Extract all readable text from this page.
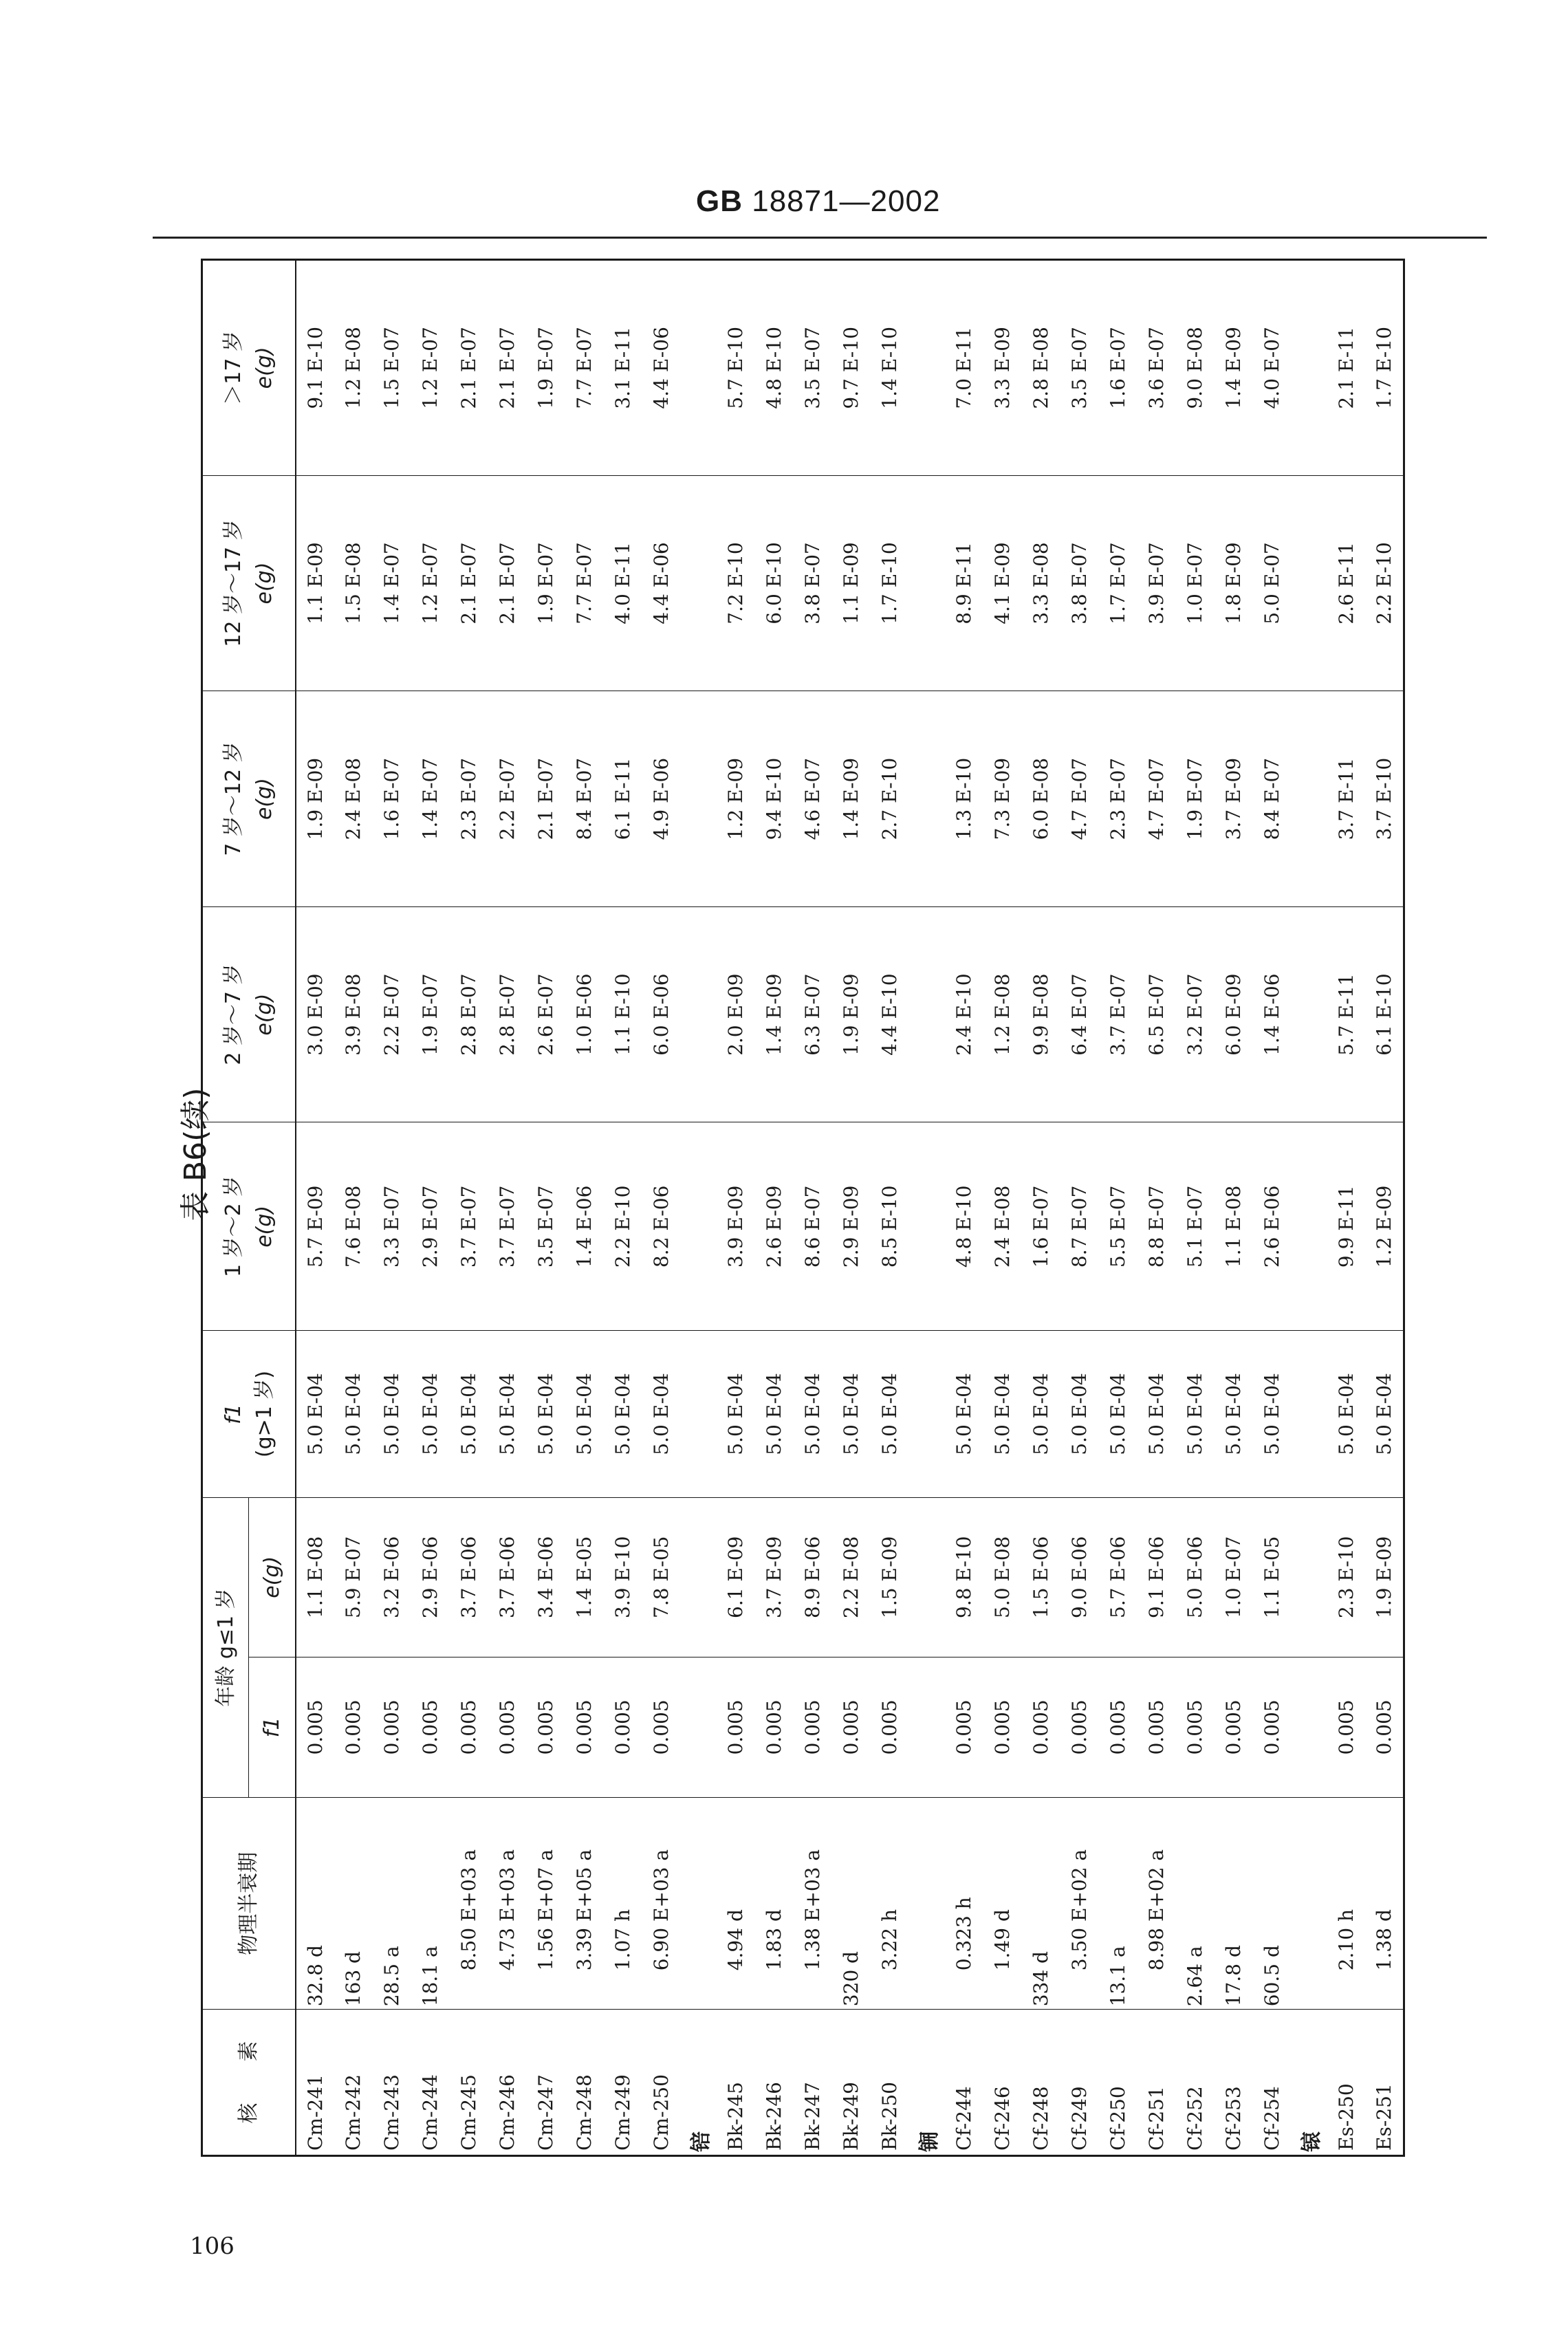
GB 18871—2002
表 B6(续)
核　　素	物理半衰期	年龄 g≤1 岁		f1 (g>1 岁)	1 岁～2 岁 e(g)	2 岁～7 岁 e(g)	7 岁～12 岁 e(g)	12 岁～17 岁 e(g)	＞17 岁 e(g)
		f1	e(g)						
Cm-241	32.8 d	0.005	1.1 E-08	5.0 E-04	5.7 E-09	3.0 E-09	1.9 E-09	1.1 E-09	9.1 E-10
Cm-242	163 d	0.005	5.9 E-07	5.0 E-04	7.6 E-08	3.9 E-08	2.4 E-08	1.5 E-08	1.2 E-08
Cm-243	28.5 a	0.005	3.2 E-06	5.0 E-04	3.3 E-07	2.2 E-07	1.6 E-07	1.4 E-07	1.5 E-07
Cm-244	18.1 a	0.005	2.9 E-06	5.0 E-04	2.9 E-07	1.9 E-07	1.4 E-07	1.2 E-07	1.2 E-07
Cm-245	8.50 E+03 a	0.005	3.7 E-06	5.0 E-04	3.7 E-07	2.8 E-07	2.3 E-07	2.1 E-07	2.1 E-07
Cm-246	4.73 E+03 a	0.005	3.7 E-06	5.0 E-04	3.7 E-07	2.8 E-07	2.2 E-07	2.1 E-07	2.1 E-07
Cm-247	1.56 E+07 a	0.005	3.4 E-06	5.0 E-04	3.5 E-07	2.6 E-07	2.1 E-07	1.9 E-07	1.9 E-07
Cm-248	3.39 E+05 a	0.005	1.4 E-05	5.0 E-04	1.4 E-06	1.0 E-06	8.4 E-07	7.7 E-07	7.7 E-07
Cm-249	1.07 h	0.005	3.9 E-10	5.0 E-04	2.2 E-10	1.1 E-10	6.1 E-11	4.0 E-11	3.1 E-11
Cm-250	6.90 E+03 a	0.005	7.8 E-05	5.0 E-04	8.2 E-06	6.0 E-06	4.9 E-06	4.4 E-06	4.4 E-06
锫									
Bk-245	4.94 d	0.005	6.1 E-09	5.0 E-04	3.9 E-09	2.0 E-09	1.2 E-09	7.2 E-10	5.7 E-10
Bk-246	1.83 d	0.005	3.7 E-09	5.0 E-04	2.6 E-09	1.4 E-09	9.4 E-10	6.0 E-10	4.8 E-10
Bk-247	1.38 E+03 a	0.005	8.9 E-06	5.0 E-04	8.6 E-07	6.3 E-07	4.6 E-07	3.8 E-07	3.5 E-07
Bk-249	320 d	0.005	2.2 E-08	5.0 E-04	2.9 E-09	1.9 E-09	1.4 E-09	1.1 E-09	9.7 E-10
Bk-250	3.22 h	0.005	1.5 E-09	5.0 E-04	8.5 E-10	4.4 E-10	2.7 E-10	1.7 E-10	1.4 E-10
锎									
Cf-244	0.323 h	0.005	9.8 E-10	5.0 E-04	4.8 E-10	2.4 E-10	1.3 E-10	8.9 E-11	7.0 E-11
Cf-246	1.49 d	0.005	5.0 E-08	5.0 E-04	2.4 E-08	1.2 E-08	7.3 E-09	4.1 E-09	3.3 E-09
Cf-248	334 d	0.005	1.5 E-06	5.0 E-04	1.6 E-07	9.9 E-08	6.0 E-08	3.3 E-08	2.8 E-08
Cf-249	3.50 E+02 a	0.005	9.0 E-06	5.0 E-04	8.7 E-07	6.4 E-07	4.7 E-07	3.8 E-07	3.5 E-07
Cf-250	13.1 a	0.005	5.7 E-06	5.0 E-04	5.5 E-07	3.7 E-07	2.3 E-07	1.7 E-07	1.6 E-07
Cf-251	8.98 E+02 a	0.005	9.1 E-06	5.0 E-04	8.8 E-07	6.5 E-07	4.7 E-07	3.9 E-07	3.6 E-07
Cf-252	2.64 a	0.005	5.0 E-06	5.0 E-04	5.1 E-07	3.2 E-07	1.9 E-07	1.0 E-07	9.0 E-08
Cf-253	17.8 d	0.005	1.0 E-07	5.0 E-04	1.1 E-08	6.0 E-09	3.7 E-09	1.8 E-09	1.4 E-09
Cf-254	60.5 d	0.005	1.1 E-05	5.0 E-04	2.6 E-06	1.4 E-06	8.4 E-07	5.0 E-07	4.0 E-07
锿									
Es-250	2.10 h	0.005	2.3 E-10	5.0 E-04	9.9 E-11	5.7 E-11	3.7 E-11	2.6 E-11	2.1 E-11
Es-251	1.38 d	0.005	1.9 E-09	5.0 E-04	1.2 E-09	6.1 E-10	3.7 E-10	2.2 E-10	1.7 E-10
106
